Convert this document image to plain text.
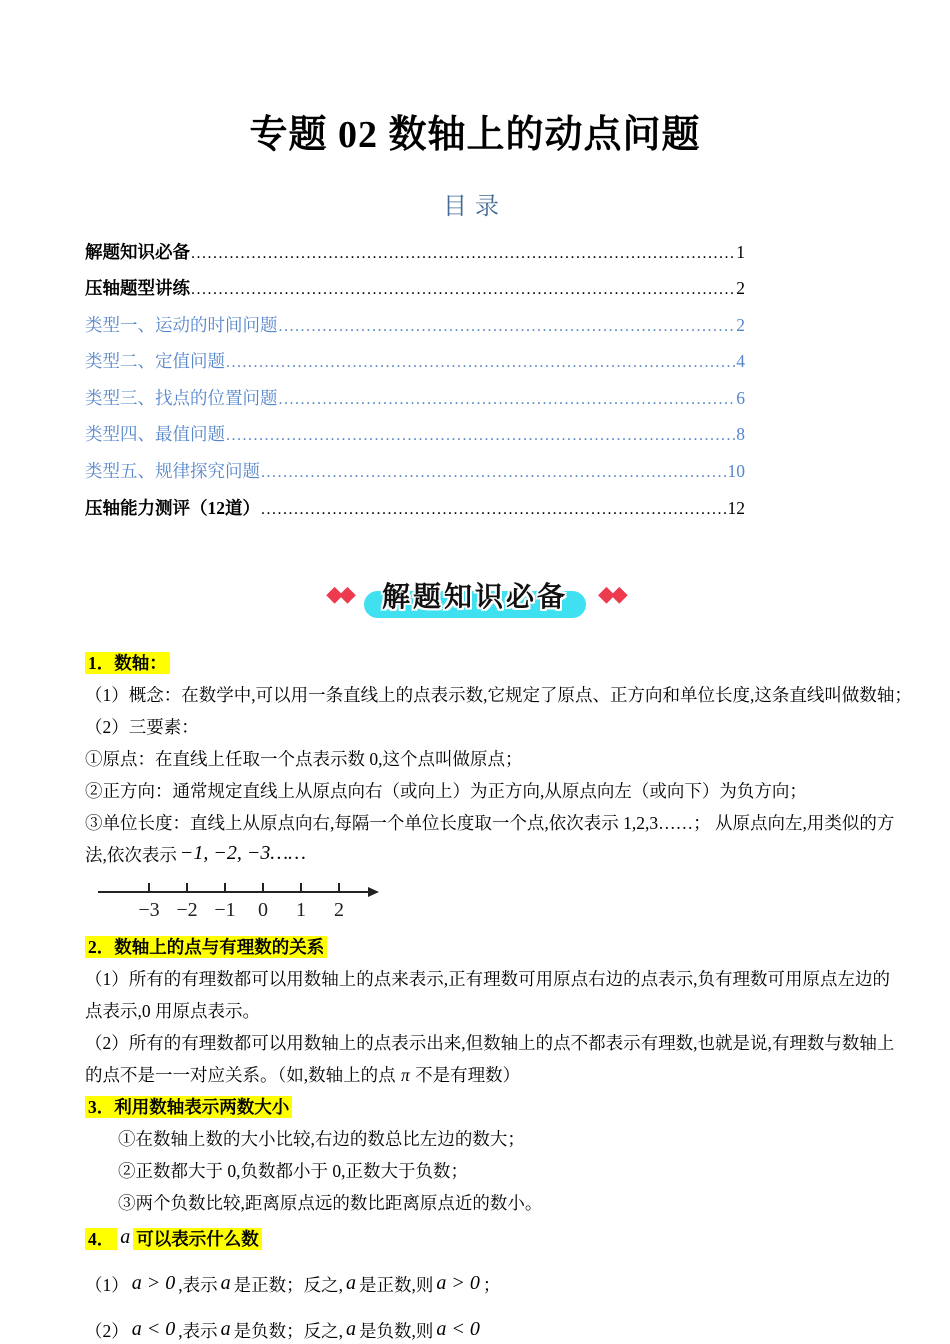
专题 02 数轴上的动点问题
目录
解题知识必备 .....	1
压轴题型讲练 .....	2
类型一、运动的时间问题 .....	2
类型二、定值问题 .....	4
类型三、找点的位置问题 .....	6
类型四、最值问题 .....	8
类型五、规律探究问题 .....	10
压轴能力测评（12道） .....	12
◆◆	解题知识必备	◆◆
1．数轴：
（1）概念：在数学中,可以用一条直线上的点表示数,它规定了原点、正方向和单位长度,这条直线叫做数轴；
（2）三要素：
①原点：在直线上任取一个点表示数 0,这个点叫做原点；
②正方向：通常规定直线上从原点向右（或向上）为正方向,从原点向左（或向下）为负方向；
③单位长度：直线上从原点向右,每隔一个单位长度取一个点,依次表示 1,2,3……； 从原点向左,用类似的方
法,依次表示 −1, −2, −3……
−3 −2 −1	0	1	2
2．数轴上的点与有理数的关系
（1）所有的有理数都可以用数轴上的点来表示,正有理数可用原点右边的点表示,负有理数可用原点左边的
点表示,0 用原点表示。
（2）所有的有理数都可以用数轴上的点表示出来,但数轴上的点不都表示有理数,也就是说,有理数与数轴上
的点不是一一对应关系。（如,数轴上的点 π 不是有理数）
3．利用数轴表示两数大小
①在数轴上数的大小比较,右边的数总比左边的数大；
②正数都大于 0,负数都小于 0,正数大于负数；
③两个负数比较,距离原点远的数比距离原点近的数小。
4． a 可以表示什么数
（1） a > 0 ,表示 a 是正数；反之, a 是正数,则 a > 0 ；
（2） a < 0 ,表示 a 是负数；反之, a 是负数,则 a < 0
